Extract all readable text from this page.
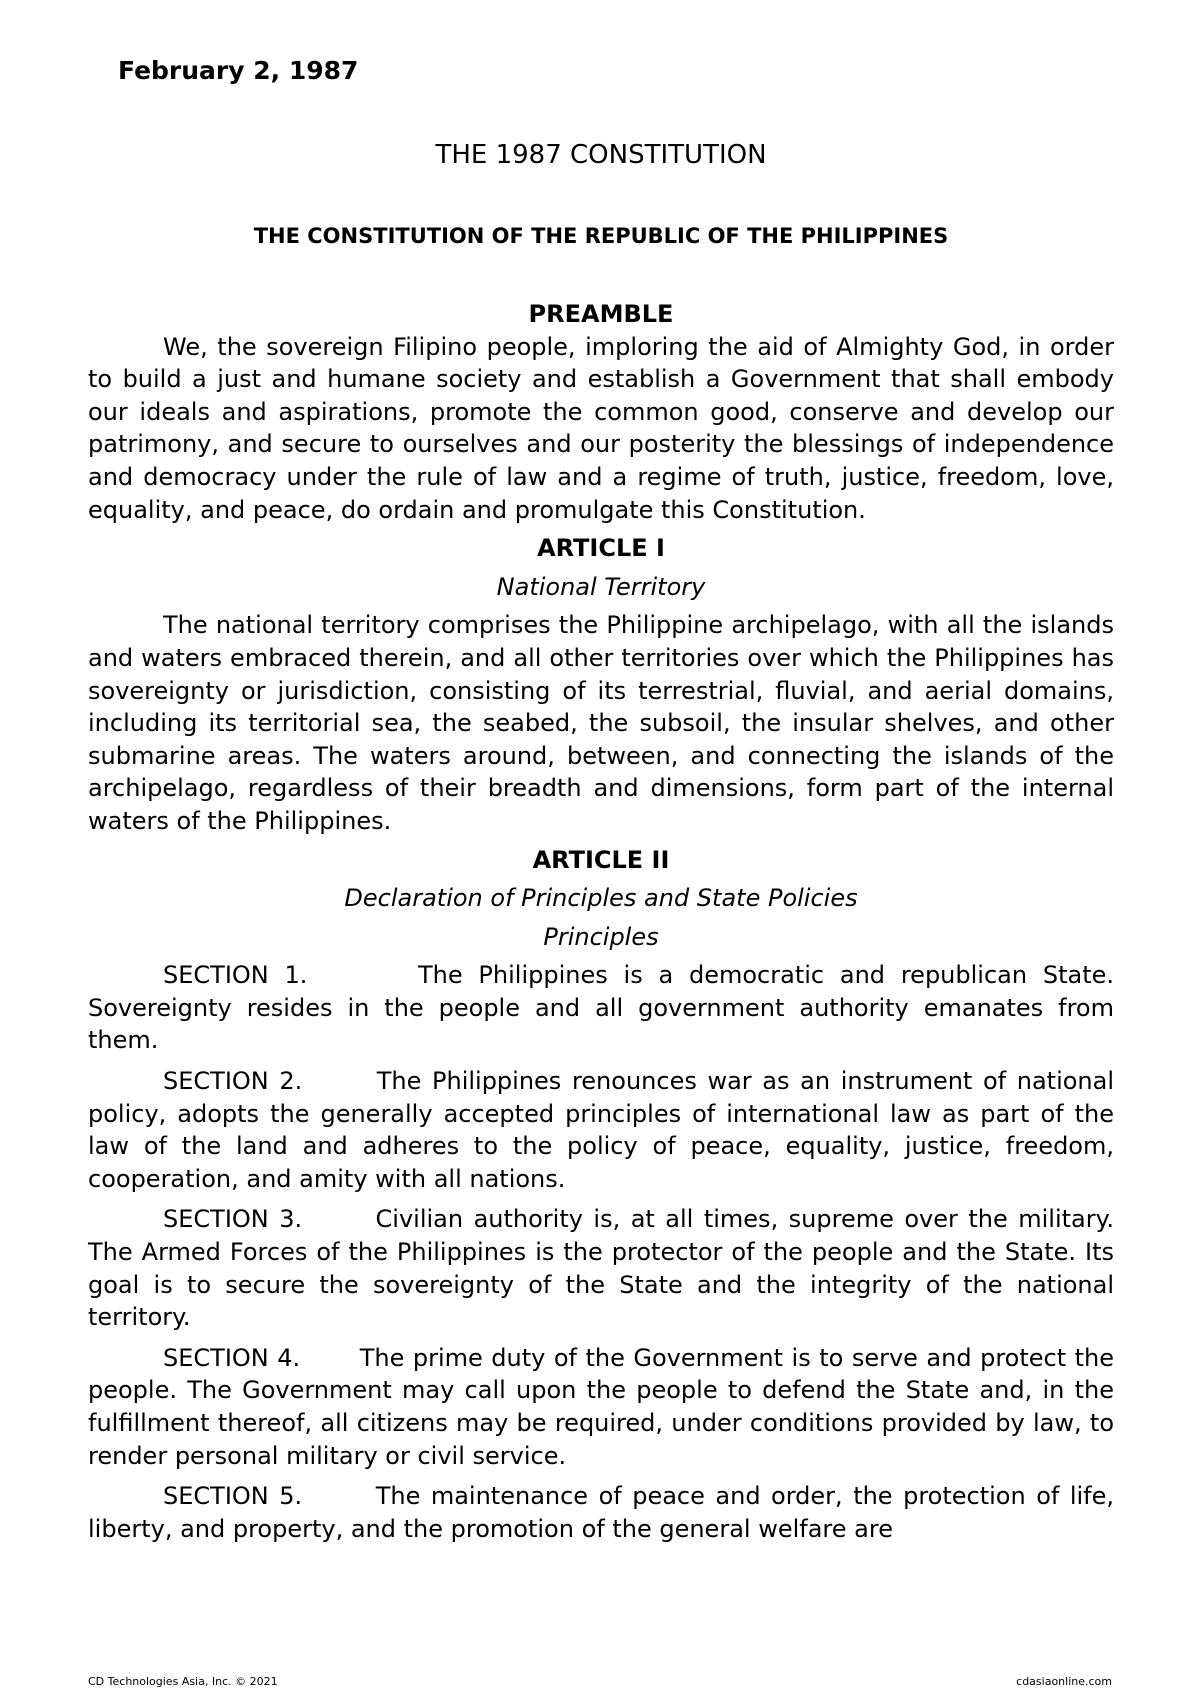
February 2, 1987
THE 1987 CONSTITUTION
THE CONSTITUTION OF THE REPUBLIC OF THE PHILIPPINES
PREAMBLE

We, the sovereign Filipino people, imploring the aid of Almighty God, in order to build a just and humane society and establish a Government that shall embody our ideals and aspirations, promote the common good, conserve and develop our patrimony, and secure to ourselves and our posterity the blessings of independence and democracy under the rule of law and a regime of truth, justice, freedom, love, equality, and peace, do ordain and promulgate this Constitution.

ARTICLE I
National Territory

The national territory comprises the Philippine archipelago, with all the islands and waters embraced therein, and all other territories over which the Philippines has sovereignty or jurisdiction, consisting of its terrestrial, fluvial, and aerial domains, including its territorial sea, the seabed, the subsoil, the insular shelves, and other submarine areas. The waters around, between, and connecting the islands of the archipelago, regardless of their breadth and dimensions, form part of the internal waters of the Philippines.

ARTICLE II
Declaration of Principles and State Policies
Principles

SECTION 1.	The Philippines is a democratic and republican State. Sovereignty resides in the people and all government authority emanates from them.

SECTION 2.	The Philippines renounces war as an instrument of national policy, adopts the generally accepted principles of international law as part of the law of the land and adheres to the policy of peace, equality, justice, freedom, cooperation, and amity with all nations.

SECTION 3.	Civilian authority is, at all times, supreme over the military. The Armed Forces of the Philippines is the protector of the people and the State. Its goal is to secure the sovereignty of the State and the integrity of the national territory.

SECTION 4. The prime duty of the Government is to serve and protect the people. The Government may call upon the people to defend the State and, in the fulfillment thereof, all citizens may be required, under conditions provided by law, to render personal military or civil service.

SECTION 5.	The maintenance of peace and order, the protection of life, liberty, and property, and the promotion of the general welfare are

CD Technologies Asia, Inc. © 2021	cdasiaonline.com
